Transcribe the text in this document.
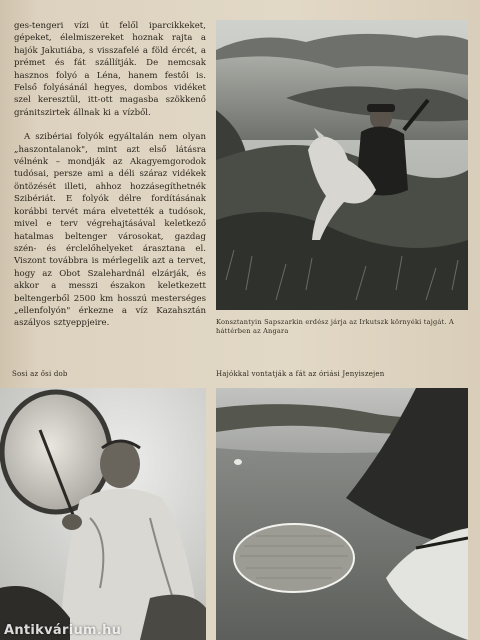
ges-tengeri vízi út felől iparcikkeket, gépeket, élelmiszereket hoznak rajta a hajók Jakutiába, s visszafelé a föld ércét, a prémet és fát szállítják. De nemcsak hasznos folyó a Léna, hanem festői is. Felső folyásánál hegyes, dombos vidéket szel keresztül, itt-ott magasba szökkenő gránitszirtek állnak ki a vízből.

A szibériai folyók egyáltalán nem olyan „haszontalanok", mint azt első látásra vélnénk – mondják az Akagyemgorodok tudósai, persze ami a déli száraz vidékek öntözését illeti, ahhoz hozzásegíthetnék Szibériát. E folyók délre fordításának korábbi tervét mára elvetették a tudósok, mivel e terv végrehajtásával keletkező hatalmas beltenger városokat, gazdag szén- és érclelőhelyeket árasztana el. Viszont továbbra is mérlegelik azt a tervet, hogy az Obot Szalehardnál elzárják, és akkor a messzi északon keletkezett beltengerből 2500 km hosszú mesterséges „ellenfolyón" érkezne a víz Kazahsztán aszályos sztyeppjeire.	Konsztantyin Sapszarkin erdész járja az Irkutszk környéki tajgát. A háttérben az Angara
Sosi az ősi dob	Hajókkal vontatják a fát az óriási Jenyiszejen
Antikvárium.hu
